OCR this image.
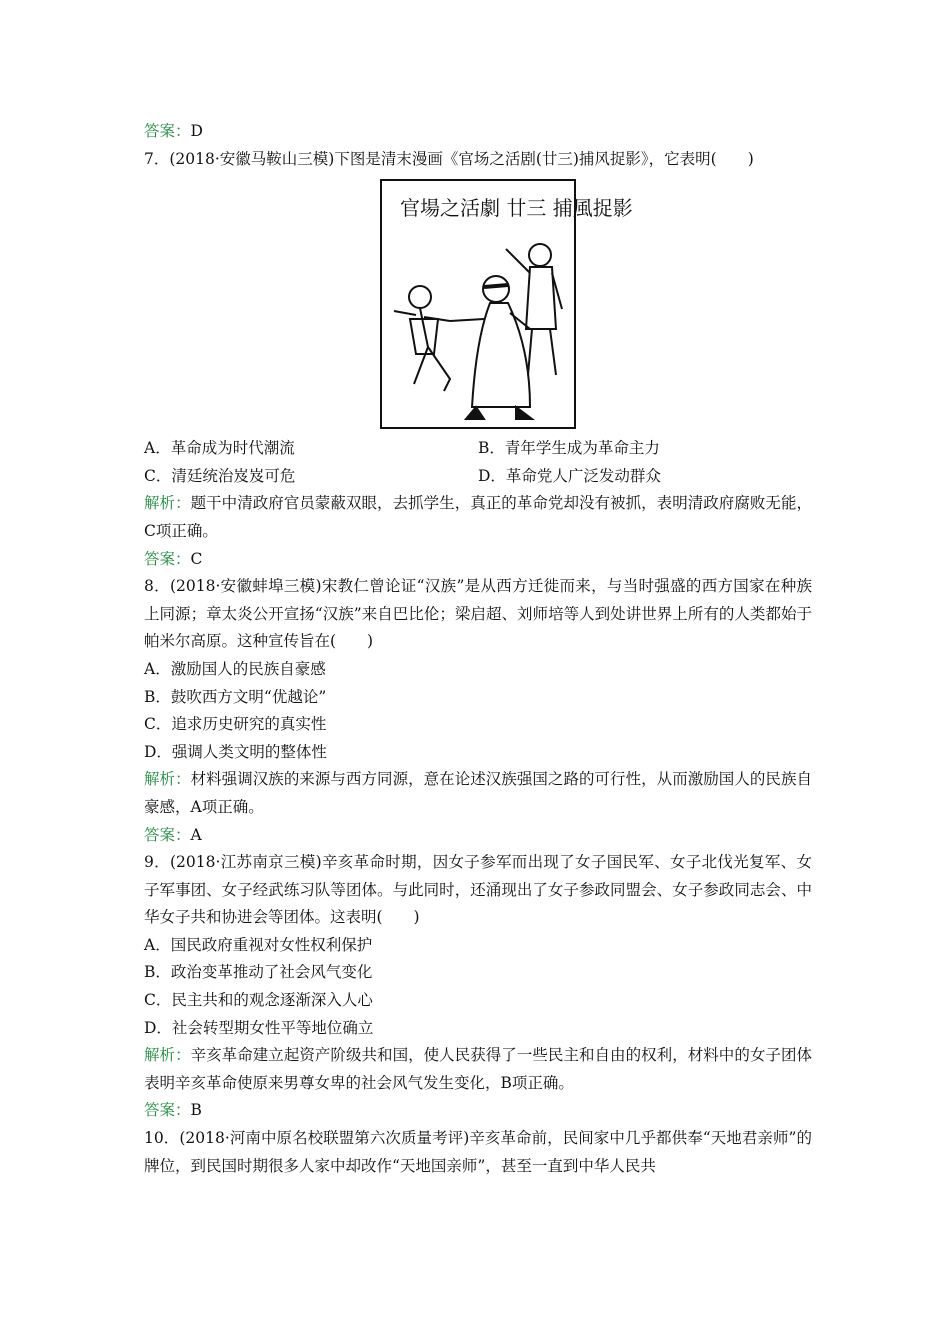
答案：D
7．(2018·安徽马鞍山三模)下图是清末漫画《官场之活剧(廿三)捕风捉影》，它表明(　　)
官場之活劇 廿三 捕風捉影
A．革命成为时代潮流	B．青年学生成为革命主力
C．清廷统治岌岌可危	D．革命党人广泛发动群众
解析：题干中清政府官员蒙蔽双眼，去抓学生，真正的革命党却没有被抓，表明清政府腐败无能，C项正确。
答案：C
8．(2018·安徽蚌埠三模)宋教仁曾论证“汉族”是从西方迁徙而来，与当时强盛的西方国家在种族上同源；章太炎公开宣扬“汉族”来自巴比伦；梁启超、刘师培等人到处讲世界上所有的人类都始于帕米尔高原。这种宣传旨在(　　)
A．激励国人的民族自豪感
B．鼓吹西方文明“优越论”
C．追求历史研究的真实性
D．强调人类文明的整体性
解析：材料强调汉族的来源与西方同源，意在论述汉族强国之路的可行性，从而激励国人的民族自豪感，A项正确。
答案：A
9．(2018·江苏南京三模)辛亥革命时期，因女子参军而出现了女子国民军、女子北伐光复军、女子军事团、女子经武练习队等团体。与此同时，还涌现出了女子参政同盟会、女子参政同志会、中华女子共和协进会等团体。这表明(　　)
A．国民政府重视对女性权利保护
B．政治变革推动了社会风气变化
C．民主共和的观念逐渐深入人心
D．社会转型期女性平等地位确立
解析：辛亥革命建立起资产阶级共和国，使人民获得了一些民主和自由的权利，材料中的女子团体表明辛亥革命使原来男尊女卑的社会风气发生变化，B项正确。
答案：B
10．(2018·河南中原名校联盟第六次质量考评)辛亥革命前，民间家中几乎都供奉“天地君亲师”的牌位，到民国时期很多人家中却改作“天地国亲师”，甚至一直到中华人民共
